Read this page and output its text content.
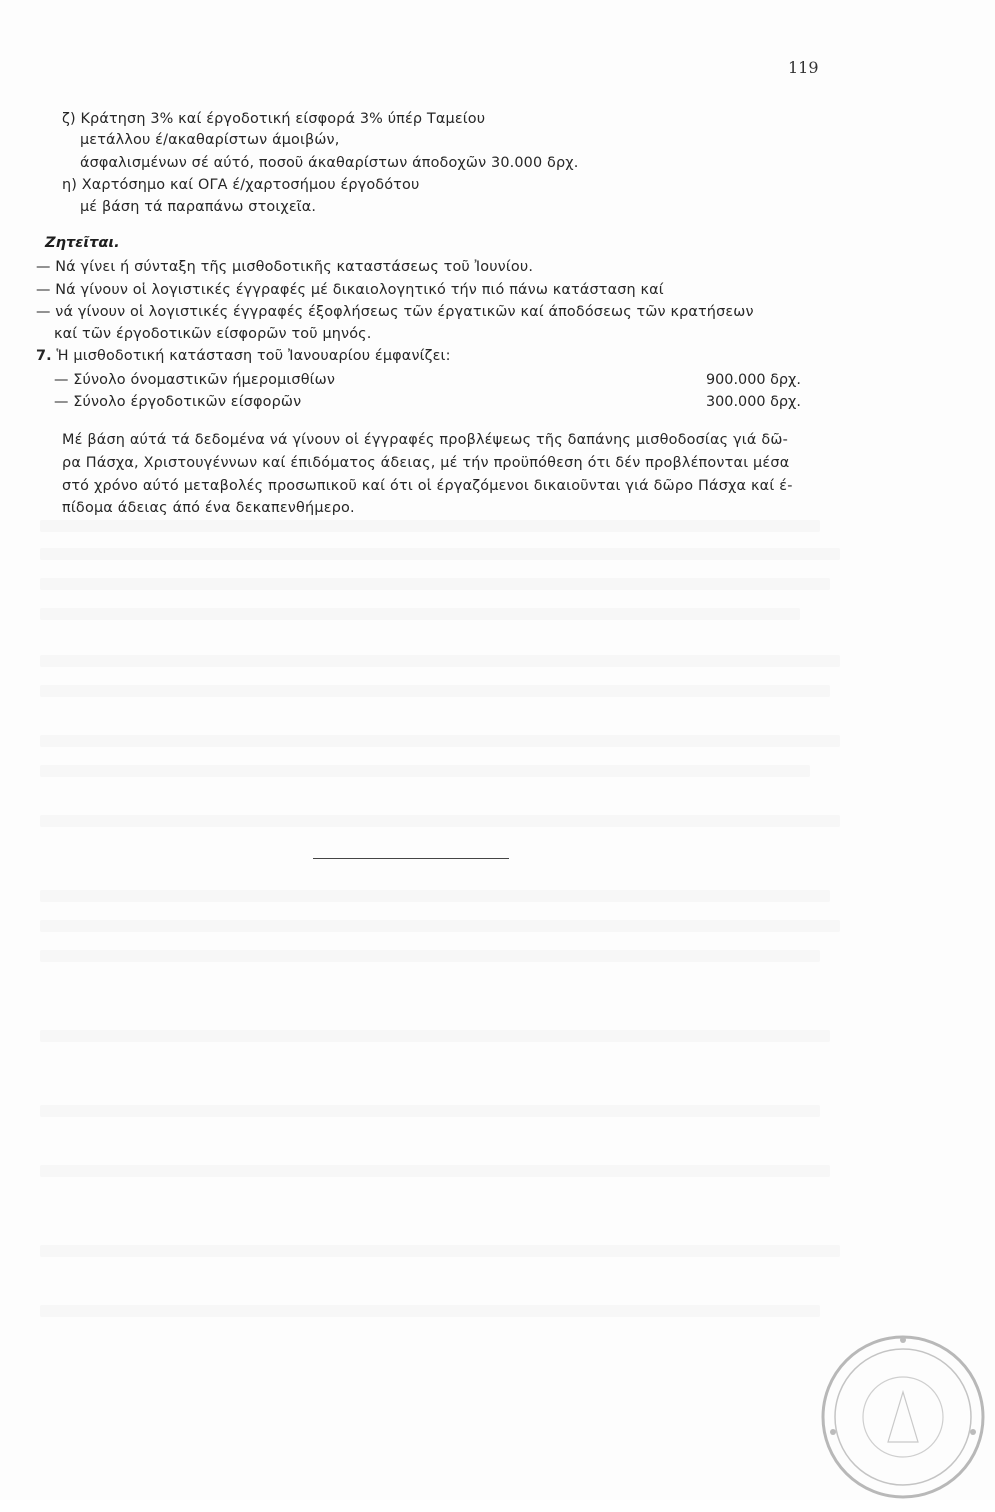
119
ζ) Κράτηση 3% καί έργοδοτική είσφορά 3% ύπέρ Ταμείου
μετάλλου έ/ακαθαρίστων άμοιβών,
άσφαλισμένων σέ αύτό, ποσοῦ άκαθαρίστων άποδοχῶν 30.000 δρχ.
η) Χαρτόσημο καί ΟΓΑ έ/χαρτοσήμου έργοδότου
μέ βάση τά παραπάνω στοιχεῖα.
Ζητεῖται.
— Νά γίνει ή σύνταξη τῆς μισθοδοτικῆς καταστάσεως τοῦ Ἰουνίου.
— Νά γίνουν οἱ λογιστικές έγγραφές μέ δικαιολογητικό τήν πιό πάνω κατάσταση καί
— νά γίνουν οἱ λογιστικές έγγραφές έξοφλήσεως τῶν έργατικῶν καί άποδόσεως τῶν κρατήσεων
καί τῶν έργοδοτικῶν είσφορῶν τοῦ μηνός.
7. Ἡ μισθοδοτική κατάσταση τοῦ Ἰανουαρίου έμφανίζει:
— Σύνολο όνομαστικῶν ήμερομισθίων	900.000 δρχ.
— Σύνολο έργοδοτικῶν είσφορῶν	300.000 δρχ.
Μέ βάση αύτά τά δεδομένα νά γίνουν οἱ έγγραφές προβλέψεως τῆς δαπάνης μισθοδοσίας γιά δῶ-
ρα Πάσχα, Χριστουγέννων καί έπιδόματος άδειας, μέ τήν προϋπόθεση ότι δέν προβλέπονται μέσα
στό χρόνο αύτό μεταβολές προσωπικοῦ καί ότι οἱ έργαζόμενοι δικαιοῦνται γιά δῶρο Πάσχα καί έ-
πίδομα άδειας άπό ένα δεκαπενθήμερο.
